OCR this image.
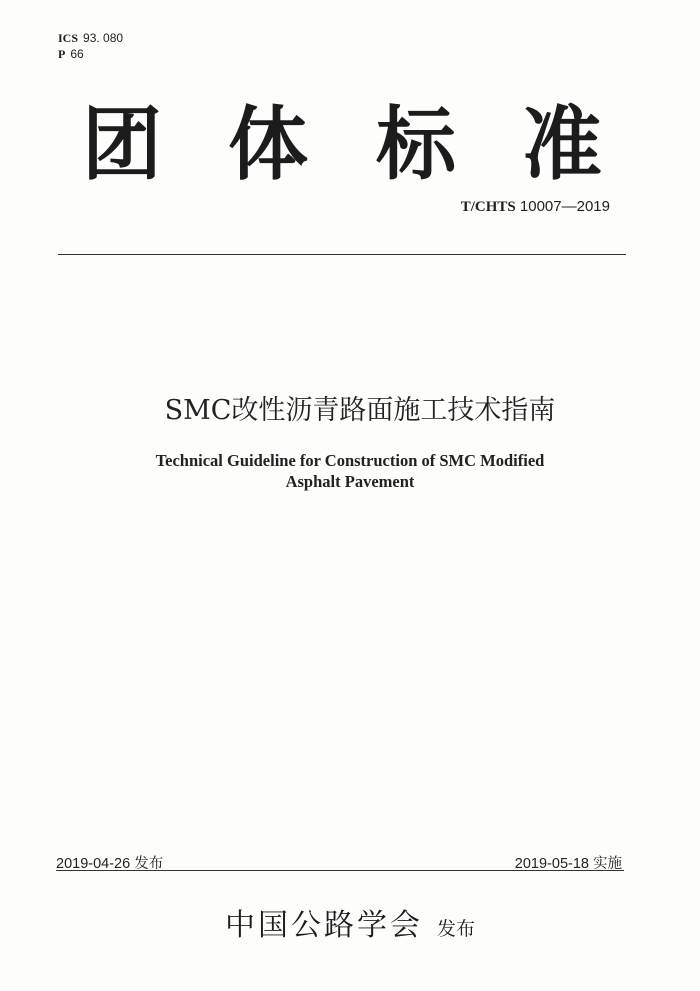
ICS 93. 080
P 66
团 体 标 准
T/CHTS 10007—2019
SMC改性沥青路面施工技术指南
Technical Guideline for Construction of SMC Modified
Asphalt Pavement
2019-04-26 发布	2019-05-18 实施
中国公路学会 发布
